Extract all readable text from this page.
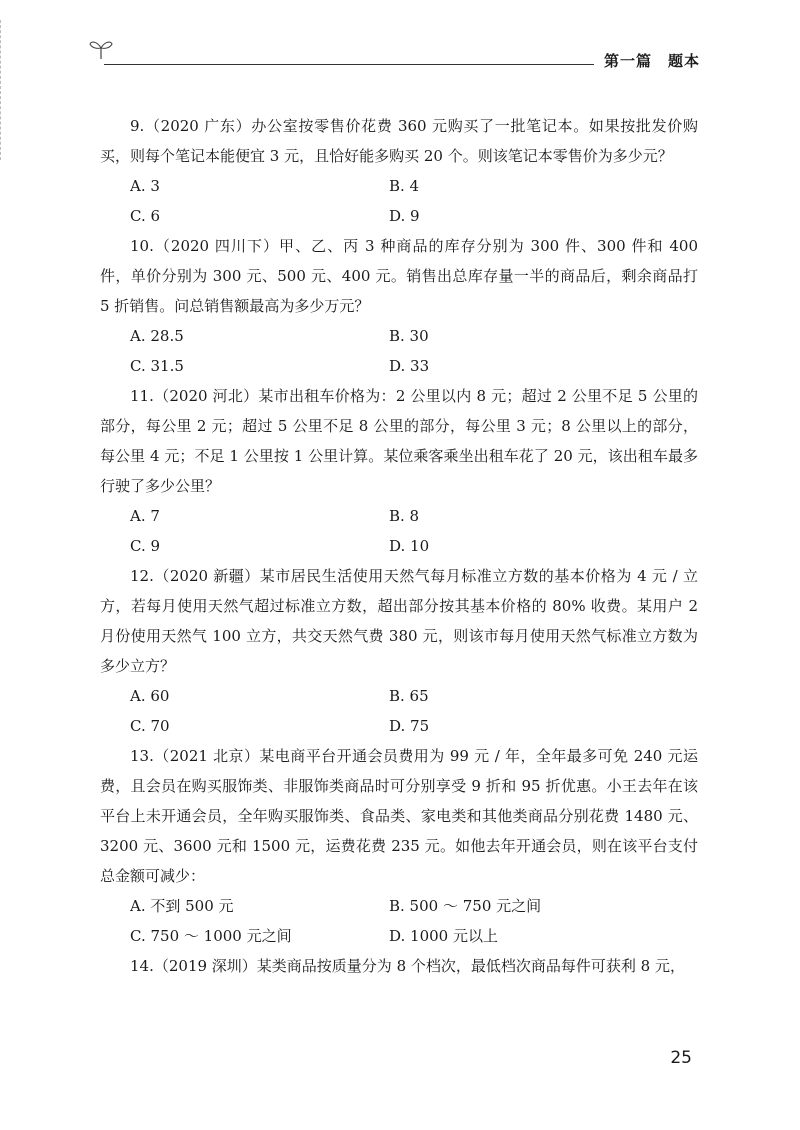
第一篇　题本

9.（2020 广东）办公室按零售价花费 360 元购买了一批笔记本。如果按批发价购买，则每个笔记本能便宜 3 元，且恰好能多购买 20 个。则该笔记本零售价为多少元？

A. 3	B. 4
C. 6	D. 9

10.（2020 四川下）甲、乙、丙 3 种商品的库存分别为 300 件、300 件和 400 件，单价分别为 300 元、500 元、400 元。销售出总库存量一半的商品后，剩余商品打 5 折销售。问总销售额最高为多少万元？

A. 28.5	B. 30
C. 31.5	D. 33

11.（2020 河北）某市出租车价格为：2 公里以内 8 元；超过 2 公里不足 5 公里的部分，每公里 2 元；超过 5 公里不足 8 公里的部分，每公里 3 元；8 公里以上的部分，每公里 4 元；不足 1 公里按 1 公里计算。某位乘客乘坐出租车花了 20 元，该出租车最多行驶了多少公里？

A. 7	B. 8
C. 9	D. 10

12.（2020 新疆）某市居民生活使用天然气每月标准立方数的基本价格为 4 元 / 立方，若每月使用天然气超过标准立方数，超出部分按其基本价格的 80% 收费。某用户 2 月份使用天然气 100 立方，共交天然气费 380 元，则该市每月使用天然气标准立方数为多少立方？

A. 60	B. 65
C. 70	D. 75

13.（2021 北京）某电商平台开通会员费用为 99 元 / 年，全年最多可免 240 元运费，且会员在购买服饰类、非服饰类商品时可分别享受 9 折和 95 折优惠。小王去年在该平台上未开通会员，全年购买服饰类、食品类、家电类和其他类商品分别花费 1480 元、3200 元、3600 元和 1500 元，运费花费 235 元。如他去年开通会员，则在该平台支付总金额可减少：

A. 不到 500 元	B. 500 ～ 750 元之间
C. 750 ～ 1000 元之间	D. 1000 元以上

14.（2019 深圳）某类商品按质量分为 8 个档次，最低档次商品每件可获利 8 元，

25
